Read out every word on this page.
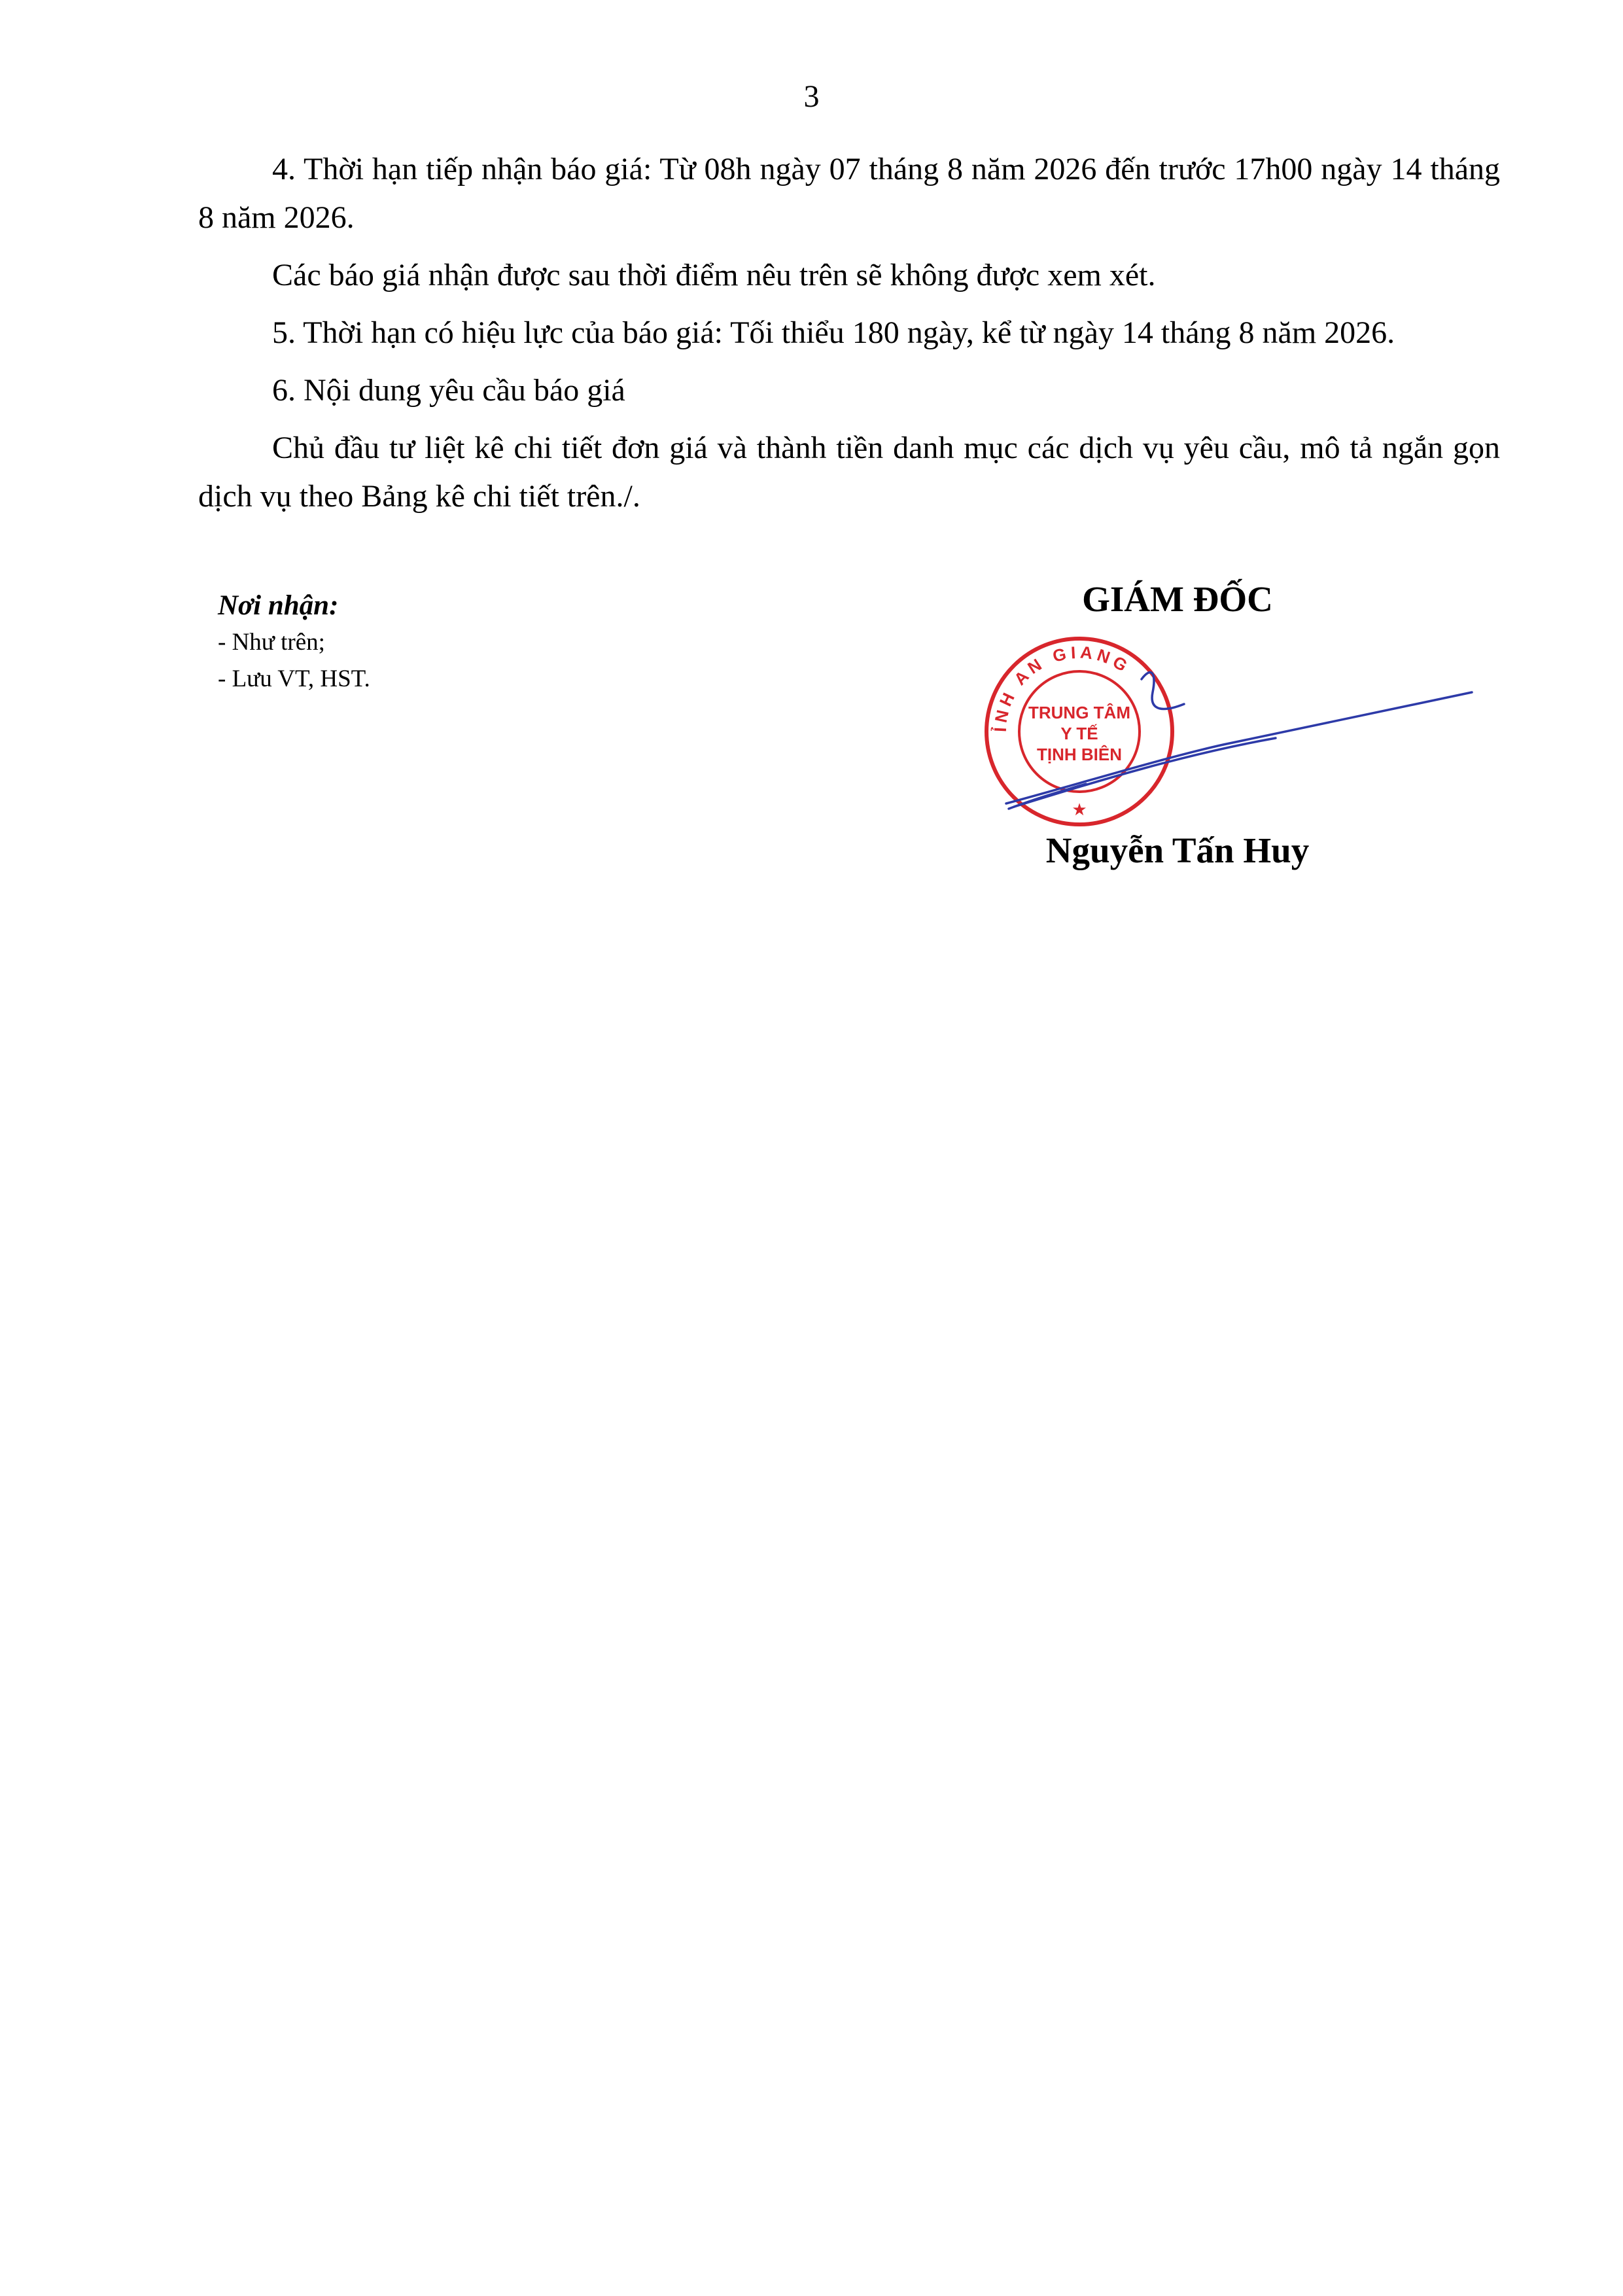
3

4. Thời hạn tiếp nhận báo giá: Từ 08h ngày 07 tháng 8 năm 2026 đến trước 17h00 ngày 14 tháng 8 năm 2026.

Các báo giá nhận được sau thời điểm nêu trên sẽ không được xem xét.

5. Thời hạn có hiệu lực của báo giá: Tối thiểu 180 ngày, kể từ ngày 14 tháng 8 năm 2026.

6. Nội dung yêu cầu báo giá

Chủ đầu tư liệt kê chi tiết đơn giá và thành tiền danh mục các dịch vụ yêu cầu, mô tả ngắn gọn dịch vụ theo Bảng kê chi tiết trên./.

Nơi nhận:
- Như trên;
- Lưu VT, HST.
GIÁM ĐỐC
ỈNH AN GIANG
TRUNG TÂM
Y TẾ
TỊNH BIÊN
★
Nguyễn Tấn Huy
